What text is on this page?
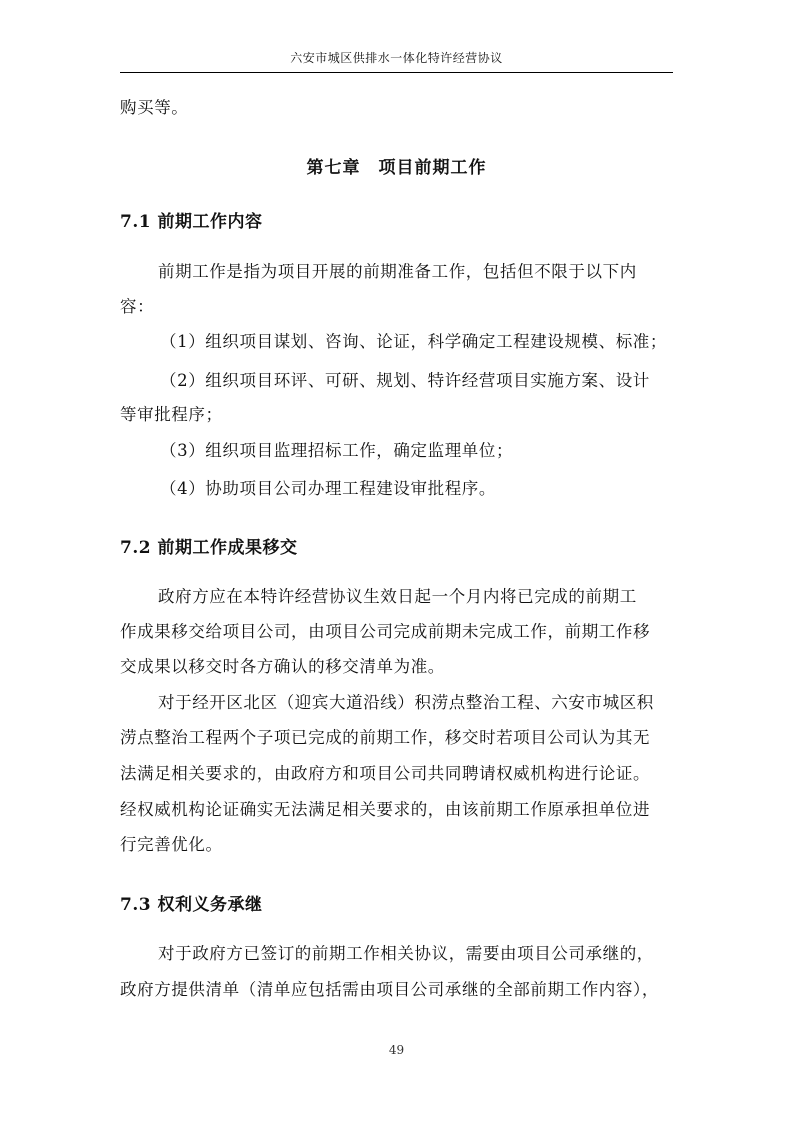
六安市城区供排水一体化特许经营协议
购买等。
第七章　项目前期工作
7.1 前期工作内容
前期工作是指为项目开展的前期准备工作，包括但不限于以下内
容：
（1）组织项目谋划、咨询、论证，科学确定工程建设规模、标准；
（2）组织项目环评、可研、规划、特许经营项目实施方案、设计
等审批程序；
（3）组织项目监理招标工作，确定监理单位；
（4）协助项目公司办理工程建设审批程序。
7.2 前期工作成果移交
政府方应在本特许经营协议生效日起一个月内将已完成的前期工
作成果移交给项目公司，由项目公司完成前期未完成工作，前期工作移
交成果以移交时各方确认的移交清单为准。
对于经开区北区（迎宾大道沿线）积涝点整治工程、六安市城区积
涝点整治工程两个子项已完成的前期工作，移交时若项目公司认为其无
法满足相关要求的，由政府方和项目公司共同聘请权威机构进行论证。
经权威机构论证确实无法满足相关要求的，由该前期工作原承担单位进
行完善优化。
7.3 权利义务承继
对于政府方已签订的前期工作相关协议，需要由项目公司承继的，
政府方提供清单（清单应包括需由项目公司承继的全部前期工作内容），
49
